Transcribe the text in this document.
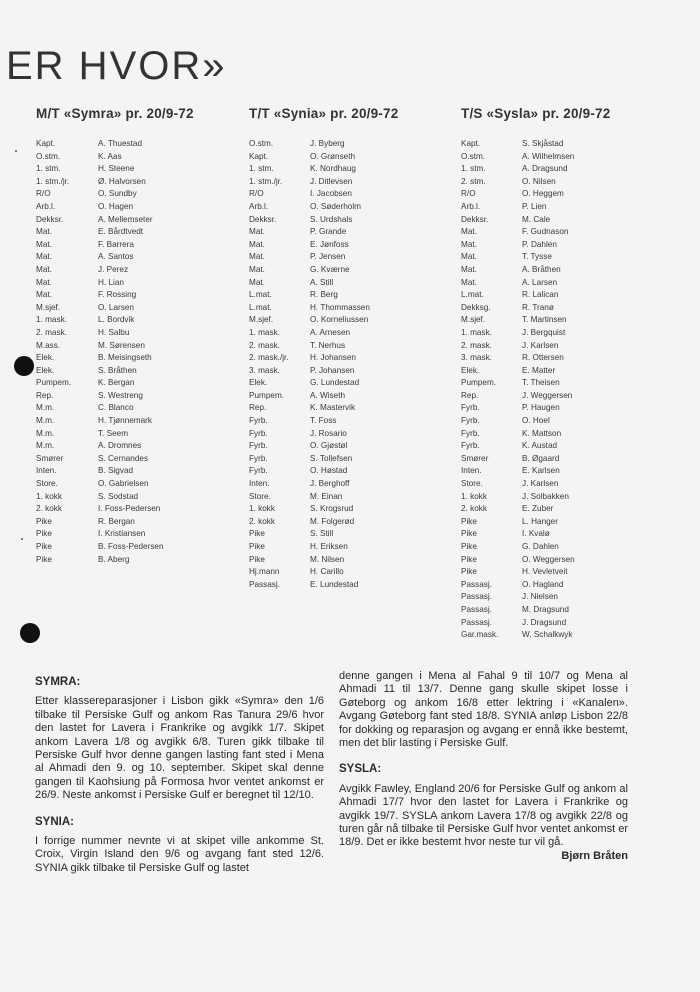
ER HVOR»
M/T «Symra» pr. 20/9-72
Kapt.	A. Thuestad
O.stm.	K. Aas
1. stm.	H. Steene
1. stm./jr.	Ø. Halvorsen
R/O	O. Sundby
Arb.l.	O. Hagen
Dekksr.	A. Mellemseter
Mat.	E. Bårdtvedt
Mat.	F. Barrera
Mat.	A. Santos
Mat.	J. Perez
Mat.	H. Lian
Mat.	F. Rossing
M.sjef.	O. Larsen
1. mask.	L. Bordvik
2. mask.	H. Salbu
M.ass.	M. Sørensen
Elek.	B. Meisingseth
Elek.	S. Bråthen
Pumpem.	K. Bergan
Rep.	S. Westreng
M.m.	C. Blanco
M.m.	H. Tjønnemark
M.m.	T. Seem
M.m.	A. Dromnes
Smører	S. Cernandes
Inten.	B. Sigvad
Store.	O. Gabrielsen
1. kokk	S. Sodstad
2. kokk	I. Foss-Pedersen
Pike	R. Bergan
Pike	I. Kristiansen
Pike	B. Foss-Pedersen
Pike	B. Aberg
T/T «Synia» pr. 20/9-72
O.stm.	J. Byberg
Kapt.	O. Grønseth
1. stm.	K. Nordhaug
1. stm./jr.	J. Ditlevsen
R/O	I. Jacobsen
Arb.l.	O. Søderholm
Dekksr.	S. Urdshals
Mat.	P. Grande
Mat.	E. Jønfoss
Mat.	P. Jensen
Mat.	G. Kværne
Mat.	A. Still
L.mat.	R. Berg
L.mat.	H. Thommassen
M.sjef.	O. Korneliussen
1. mask.	A. Arnesen
2. mask.	T. Nerhus
2. mask./jr.	H. Johansen
3. mask.	P. Johansen
Elek.	G. Lundestad
Pumpem.	A. Wiseth
Rep.	K. Mastervik
Fyrb.	T. Foss
Fyrb.	J. Rosario
Fyrb.	O. Gjøstøl
Fyrb.	S. Tollefsen
Fyrb.	O. Høstad
Inten.	J. Berghoff
Store.	M. Einan
1. kokk	S. Krogsrud
2. kokk	M. Folgerød
Pike	S. Still
Pike	H. Eriksen
Pike	M. Nilsen
Hj.mann	H. Carillo
Passasj.	E. Lundestad
T/S «Sysla» pr. 20/9-72
Kapt.	S. Skjåstad
O.stm.	A. Wilhelmsen
1. stm.	A. Dragsund
2. stm.	O. Nilsen
R/O	O. Heggem
Arb.l.	P. Lien
Dekksr.	M. Cale
Mat.	F. Gudnason
Mat.	P. Dahlen
Mat.	T. Tysse
Mat.	A. Bråthen
Mat.	A. Larsen
L.mat.	R. Lalican
Dekksg.	R. Tranø
M.sjef.	T. Martinsen
1. mask.	J. Bergquist
2. mask.	J. Karlsen
3. mask.	R. Ottersen
Elek.	E. Matter
Pumpem.	T. Theisen
Rep.	J. Weggersen
Fyrb.	P. Haugen
Fyrb.	O. Hoel
Fyrb.	K. Mattson
Fyrb.	K. Austad
Smører	B. Øgaard
Inten.	E. Karlsen
Store.	J. Karlsen
1. kokk	J. Solbakken
2. kokk	E. Zuber
Pike	L. Hanger
Pike	I. Kvalø
Pike	G. Dahlen
Pike	O. Weggersen
Pike	H. Vevletveit
Passasj.	O. Hagland
Passasj.	J. Nielsen
Passasj.	M. Dragsund
Passasj.	J. Dragsund
Gar.mask.	W. Schalkwyk
SYMRA:

Etter klassereparasjoner i Lisbon gikk «Symra» den 1/6 tilbake til Persiske Gulf og ankom Ras Tanura 29/6 hvor den lastet for Lavera i Frankrike og avgikk 1/7. Skipet ankom Lavera 1/8 og avgikk 6/8. Turen gikk tilbake til Persiske Gulf hvor denne gangen lasting fant sted i Mena al Ahmadi den 9. og 10. september. Skipet skal denne gangen til Kaohsiung på Formosa hvor ventet ankomst er 26/9. Neste ankomst i Persiske Gulf er beregnet til 12/10.

SYNIA:

I forrige nummer nevnte vi at skipet ville ankomme St. Croix, Virgin Island den 9/6 og avgang fant sted 12/6. SYNIA gikk tilbake til Persiske Gulf og lastet

denne gangen i Mena al Fahal 9 til 10/7 og Mena al Ahmadi 11 til 13/7. Denne gang skulle skipet losse i Gøteborg og ankom 16/8 etter lektring i «Kanalen». Avgang Gøteborg fant sted 18/8. SYNIA anløp Lisbon 22/8 for dokking og reparasjon og avgang er ennå ikke bestemt, men det blir lasting i Persiske Gulf.

SYSLA:

Avgikk Fawley, England 20/6 for Persiske Gulf og ankom al Ahmadi 17/7 hvor den lastet for Lavera i Frankrike og avgikk 19/7. SYSLA ankom Lavera 17/8 og avgikk 22/8 og turen går nå tilbake til Persiske Gulf hvor ventet ankomst er 18/9. Det er ikke bestemt hvor neste tur vil gå.
Bjørn Bråten
